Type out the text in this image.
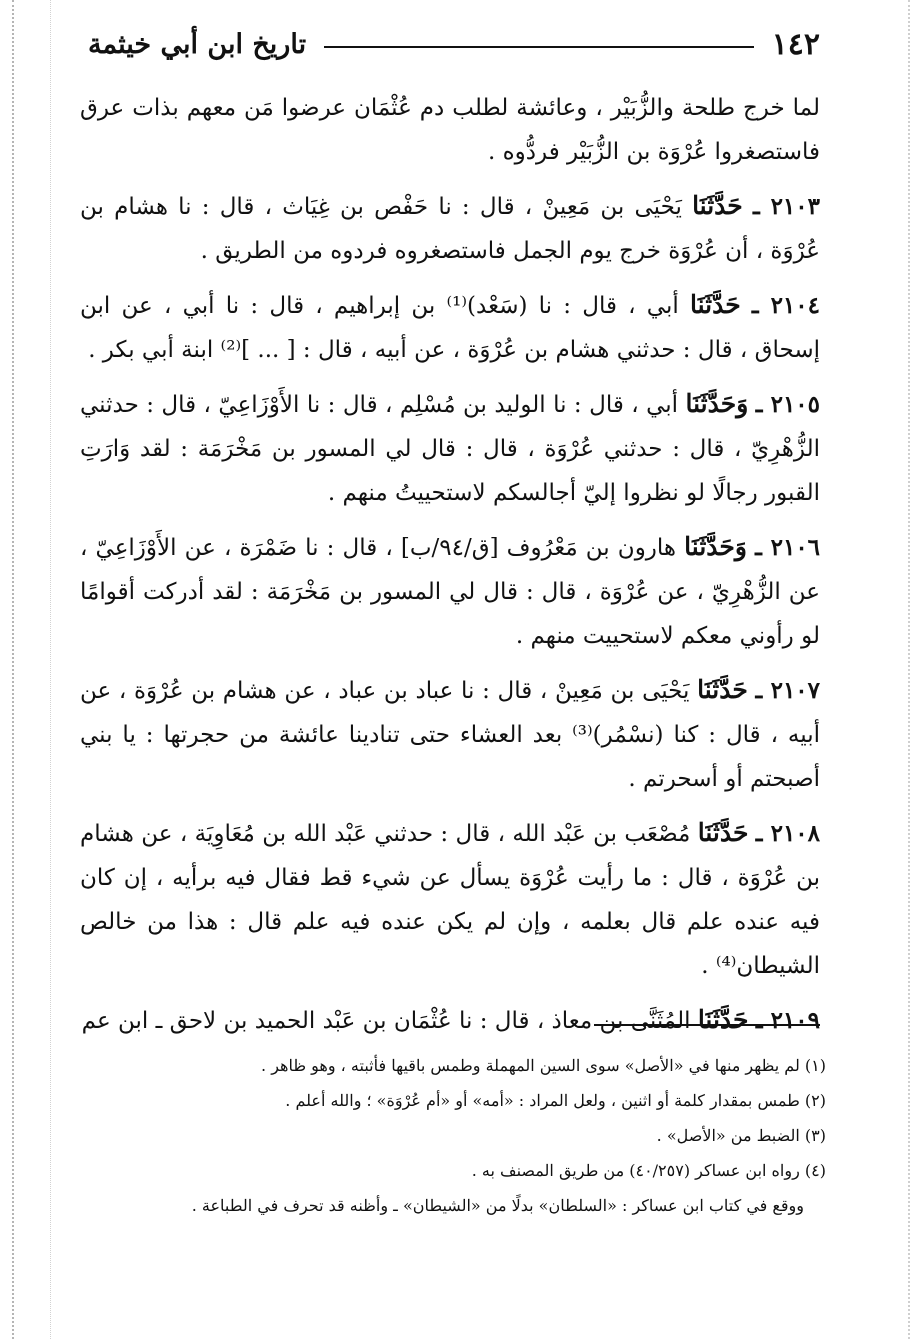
١٤٢
تاريخ ابن أبي خيثمة

لما خرج طلحة والزُّبَيْر ، وعائشة لطلب دم عُثْمَان عرضوا مَن معهم بذات عرق فاستصغروا عُرْوَة بن الزُّبَيْر فردُّوه .

٢١٠٣ ـ حَدَّثَنَا يَحْيَى بن مَعِينْ ، قال : نا حَفْص بن غِيَاث ، قال : نا هشام بن عُرْوَة ، أن عُرْوَة خرج يوم الجمل فاستصغروه فردوه من الطريق .

٢١٠٤ ـ حَدَّثَنَا أبي ، قال : نا (سَعْد)⁽¹⁾ بن إبراهيم ، قال : نا أبي ، عن ابن إسحاق ، قال : حدثني هشام بن عُرْوَة ، عن أبيه ، قال : [ ... ]⁽²⁾ ابنة أبي بكر .

٢١٠٥ ـ وَحَدَّثَنَا أبي ، قال : نا الوليد بن مُسْلِم ، قال : نا الأَوْزَاعِيّ ، قال : حدثني الزُّهْرِيّ ، قال : حدثني عُرْوَة ، قال : قال لي المسور بن مَخْرَمَة : لقد وَارَتِ القبور رجالًا لو نظروا إليّ أجالسكم لاستحييتُ منهم .

٢١٠٦ ـ وَحَدَّثَنَا هارون بن مَعْرُوف [ق/٩٤/ب] ، قال : نا ضَمْرَة ، عن الأَوْزَاعِيّ ، عن الزُّهْرِيّ ، عن عُرْوَة ، قال : قال لي المسور بن مَخْرَمَة : لقد أدركت أقوامًا لو رأوني معكم لاستحييت منهم .

٢١٠٧ ـ حَدَّثَنَا يَحْيَى بن مَعِينْ ، قال : نا عباد بن عباد ، عن هشام بن عُرْوَة ، عن أبيه ، قال : كنا (نسْمُر)⁽³⁾ بعد العشاء حتى تنادينا عائشة من حجرتها : يا بني أصبحتم أو أسحرتم .

٢١٠٨ ـ حَدَّثَنَا مُصْعَب بن عَبْد الله ، قال : حدثني عَبْد الله بن مُعَاوِيَة ، عن هشام بن عُرْوَة ، قال : ما رأيت عُرْوَة يسأل عن شيء قط فقال فيه برأيه ، إن كان فيه عنده علم قال بعلمه ، وإن لم يكن عنده فيه علم قال : هذا من خالص الشيطان⁽⁴⁾ .

٢١٠٩ ـ حَدَّثَنَا المُثَنَّى بن معاذ ، قال : نا عُثْمَان بن عَبْد الحميد بن لاحق ـ ابن عم

(١) لم يظهر منها في «الأصل» سوى السين المهملة وطمس باقيها فأثبته ، وهو ظاهر .

(٢) طمس بمقدار كلمة أو اثنين ، ولعل المراد : «أمه» أو «أم عُرْوَة» ؛ والله أعلم .

(٣) الضبط من «الأصل» .

(٤) رواه ابن عساكر (٤٠/٢٥٧) من طريق المصنف به .

ووقع في كتاب ابن عساكر : «السلطان» بدلًا من «الشيطان» ـ وأظنه قد تحرف في الطباعة .
